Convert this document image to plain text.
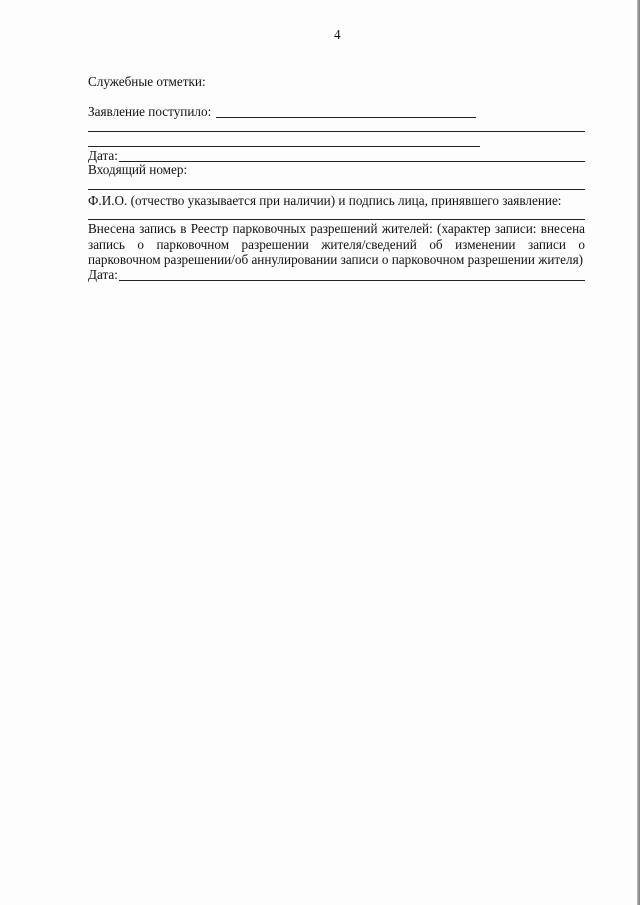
4
Служебные отметки:
Заявление поступило:
Дата:
Входящий номер:
Ф.И.О. (отчество указывается при наличии) и подпись лица, принявшего заявление:
Внесена запись в Реестр парковочных разрешений жителей: (характер записи: внесена запись о парковочном разрешении жителя/сведений об изменении записи о парковочном разрешении/об аннулировании записи о парковочном разрешении жителя)
Дата:
